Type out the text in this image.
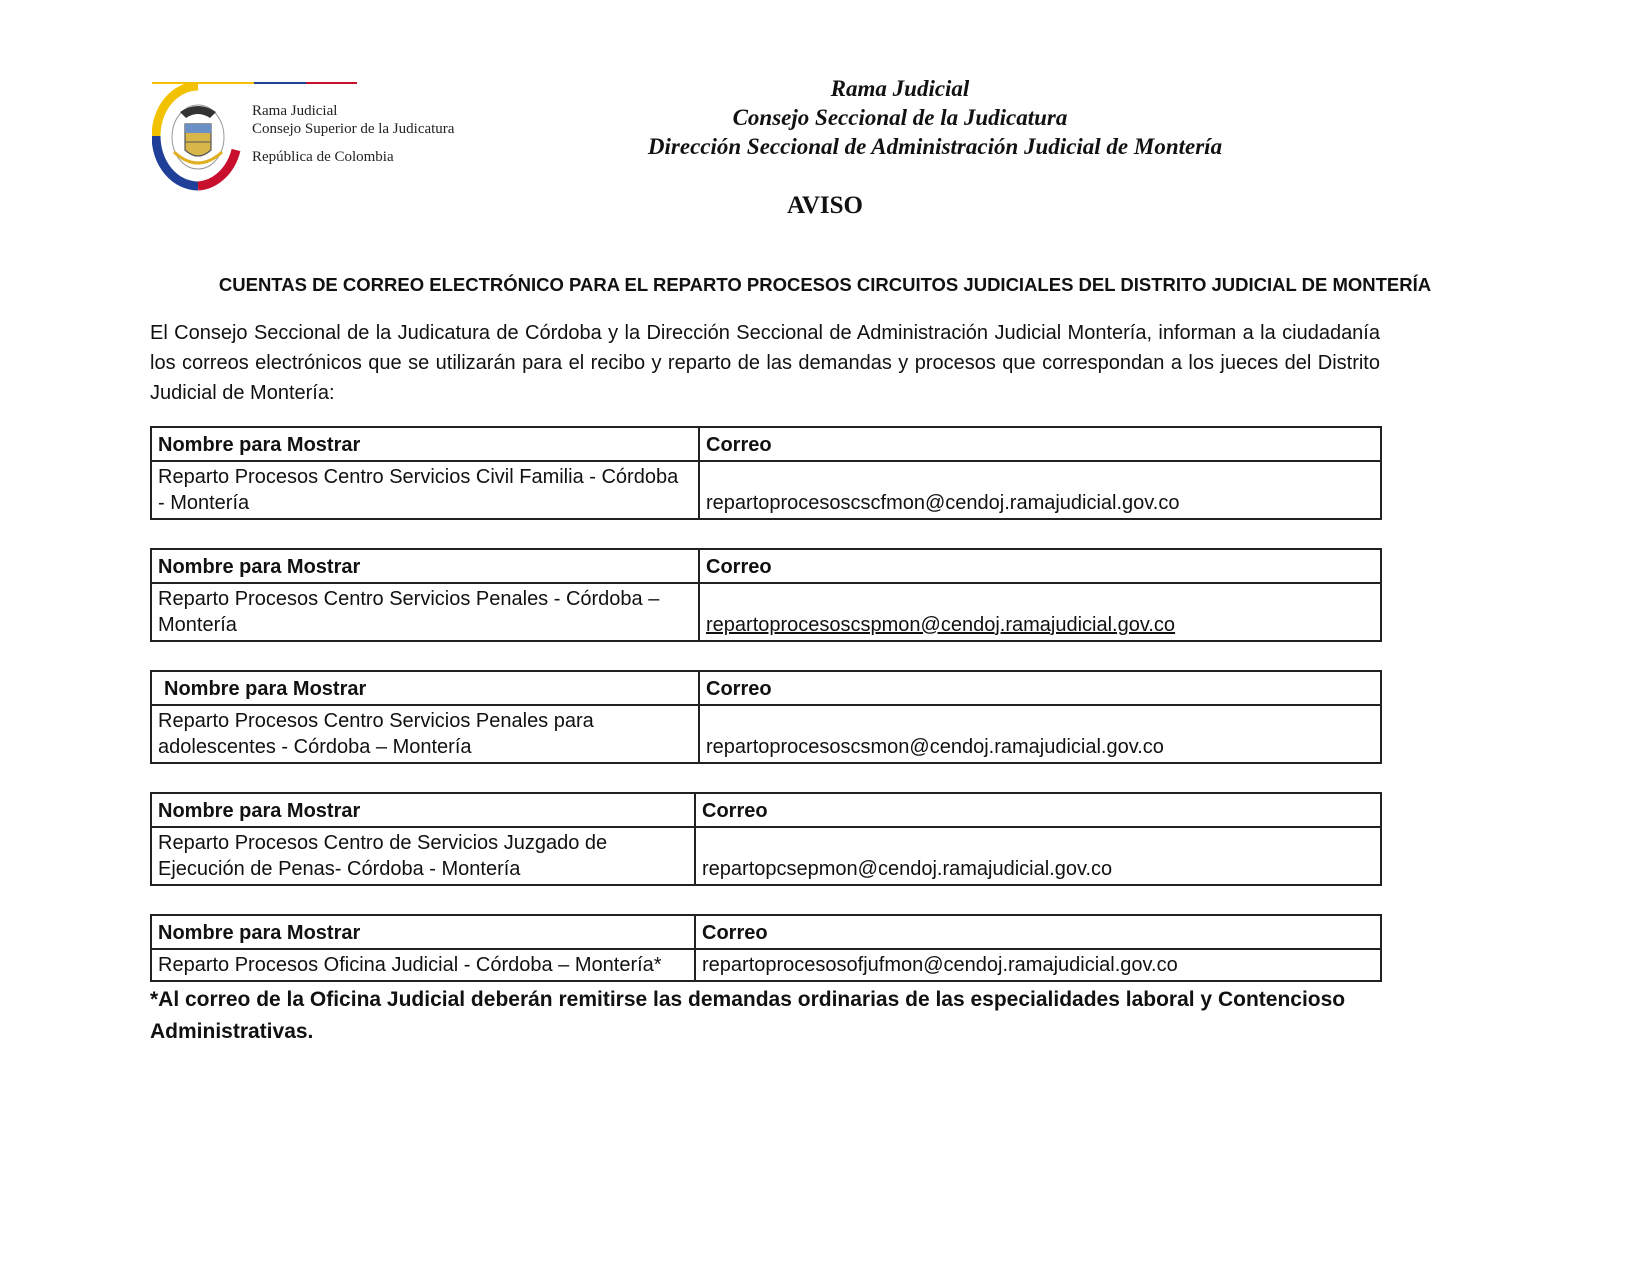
Rama Judicial
Consejo Superior de la Judicatura
República de Colombia
Rama Judicial
Consejo Seccional de la Judicatura
Dirección Seccional de Administración Judicial de Montería
AVISO
CUENTAS DE CORREO ELECTRÓNICO PARA EL REPARTO PROCESOS CIRCUITOS JUDICIALES DEL DISTRITO JUDICIAL DE MONTERÍA
El Consejo Seccional de la Judicatura de Córdoba y la Dirección Seccional de Administración Judicial Montería, informan a la ciudadanía los correos electrónicos que se utilizarán para el recibo y reparto de las demandas y procesos que correspondan a los jueces del Distrito Judicial de Montería:
Nombre para Mostrar	Correo
Reparto Procesos Centro Servicios Civil Familia - Córdoba
- Montería	repartoprocesoscscfmon@cendoj.ramajudicial.gov.co
Nombre para Mostrar	Correo
Reparto Procesos Centro Servicios Penales - Córdoba –
Montería	repartoprocesoscspmon@cendoj.ramajudicial.gov.co
Nombre para Mostrar	Correo
Reparto Procesos Centro Servicios Penales para
adolescentes - Córdoba – Montería	repartoprocesoscsmon@cendoj.ramajudicial.gov.co
Nombre para Mostrar	Correo
Reparto Procesos Centro de Servicios Juzgado de
Ejecución de Penas- Córdoba - Montería	repartopcsepmon@cendoj.ramajudicial.gov.co
Nombre para Mostrar	Correo
Reparto Procesos Oficina Judicial - Córdoba – Montería*	repartoprocesosofjufmon@cendoj.ramajudicial.gov.co
*Al correo de la Oficina Judicial deberán remitirse las demandas ordinarias de las especialidades laboral y Contencioso Administrativas.
